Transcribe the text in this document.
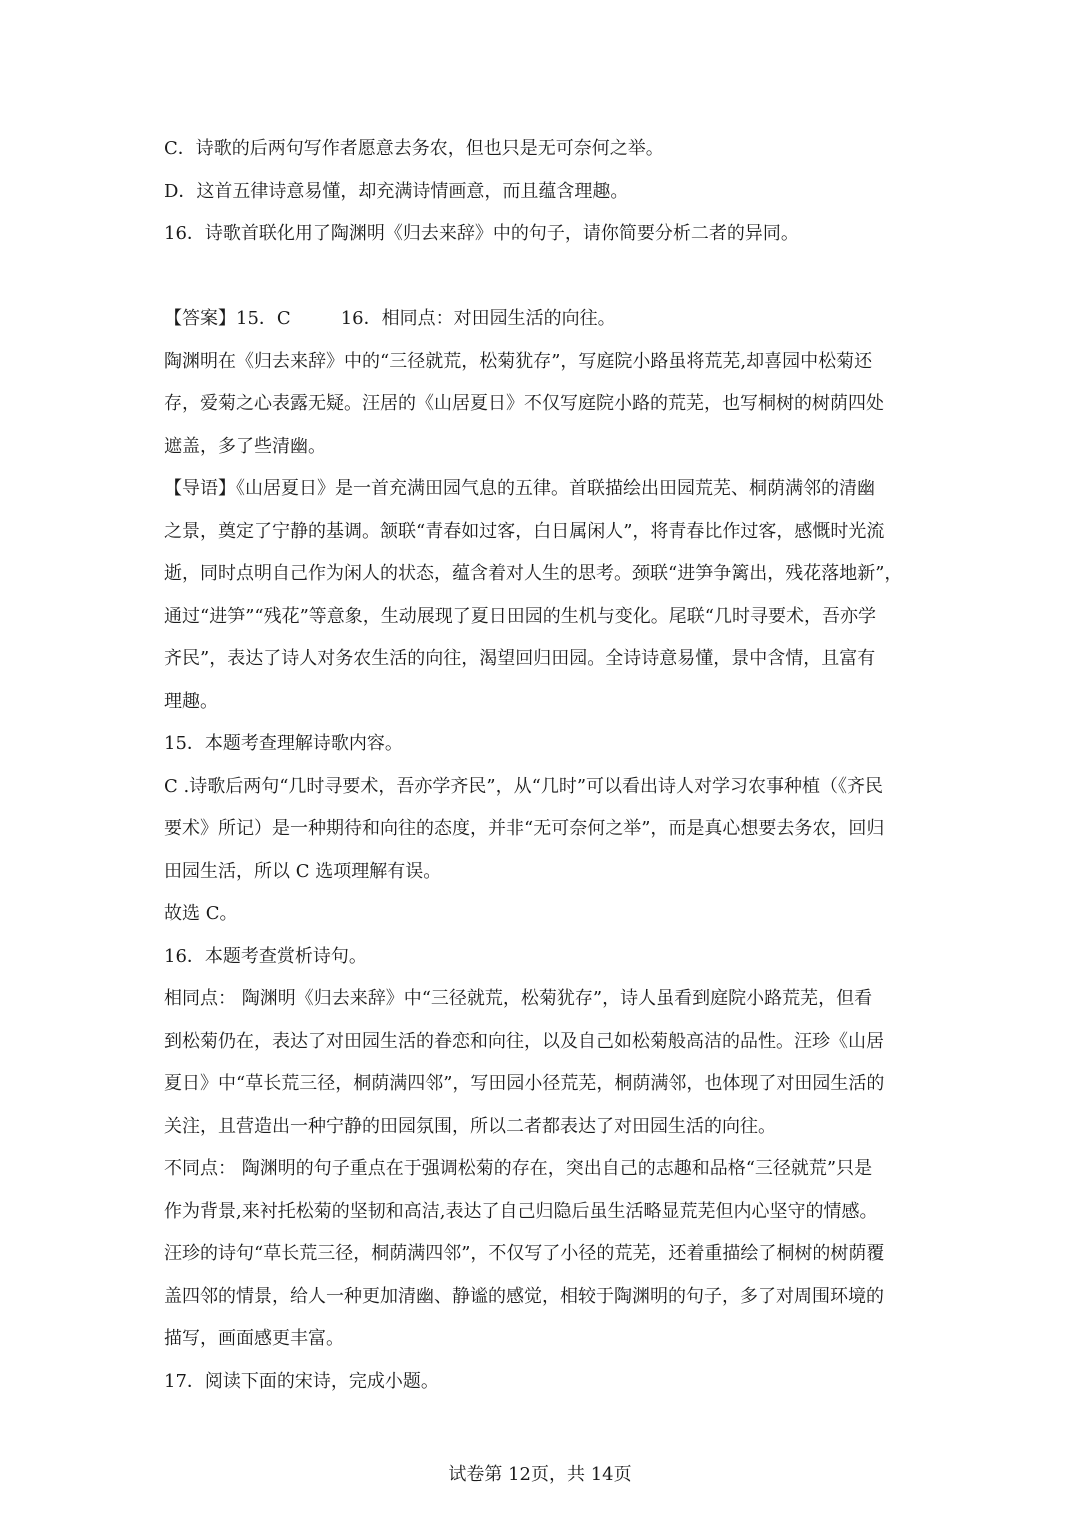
C．诗歌的后两句写作者愿意去务农，但也只是无可奈何之举。
D．这首五律诗意易懂，却充满诗情画意，而且蕴含理趣。
16．诗歌首联化用了陶渊明《归去来辞》中的句子，请你简要分析二者的异同。
【答案】15．C	16．相同点：对田园生活的向往。
陶渊明在《归去来辞》中的“三径就荒，松菊犹存”，写庭院小路虽将荒芜,却喜园中松菊还
存，爱菊之心表露无疑。汪居的《山居夏日》不仅写庭院小路的荒芜，也写桐树的树荫四处
遮盖，多了些清幽。
【导语】《山居夏日》是一首充满田园气息的五律。首联描绘出田园荒芜、桐荫满邻的清幽
之景，奠定了宁静的基调。颔联“青春如过客，白日属闲人”，将青春比作过客，感慨时光流
逝，同时点明自己作为闲人的状态，蕴含着对人生的思考。颈联“进笋争篱出，残花落地新”，
通过“进笋”“残花”等意象，生动展现了夏日田园的生机与变化。尾联“几时寻要术，吾亦学
齐民”，表达了诗人对务农生活的向往，渴望回归田园。全诗诗意易懂，景中含情，且富有
理趣。
15．本题考查理解诗歌内容。
C .诗歌后两句“几时寻要术，吾亦学齐民”，从“几时”可以看出诗人对学习农事种植（《齐民
要术》所记）是一种期待和向往的态度，并非“无可奈何之举”，而是真心想要去务农，回归
田园生活，所以 C 选项理解有误。
故选 C。
16．本题考查赏析诗句。
相同点： 陶渊明《归去来辞》中“三径就荒，松菊犹存”，诗人虽看到庭院小路荒芜，但看
到松菊仍在，表达了对田园生活的眷恋和向往，以及自己如松菊般高洁的品性。汪珍《山居
夏日》中“草长荒三径，桐荫满四邻”，写田园小径荒芜，桐荫满邻，也体现了对田园生活的
关注，且营造出一种宁静的田园氛围，所以二者都表达了对田园生活的向往。
不同点： 陶渊明的句子重点在于强调松菊的存在，突出自己的志趣和品格“三径就荒”只是
作为背景,来衬托松菊的坚韧和高洁,表达了自己归隐后虽生活略显荒芜但内心坚守的情感。
汪珍的诗句“草长荒三径，桐荫满四邻”，不仅写了小径的荒芜，还着重描绘了桐树的树荫覆
盖四邻的情景，给人一种更加清幽、静谧的感觉，相较于陶渊明的句子，多了对周围环境的
描写，画面感更丰富。
17．阅读下面的宋诗，完成小题。
试卷第 12页，共 14页
